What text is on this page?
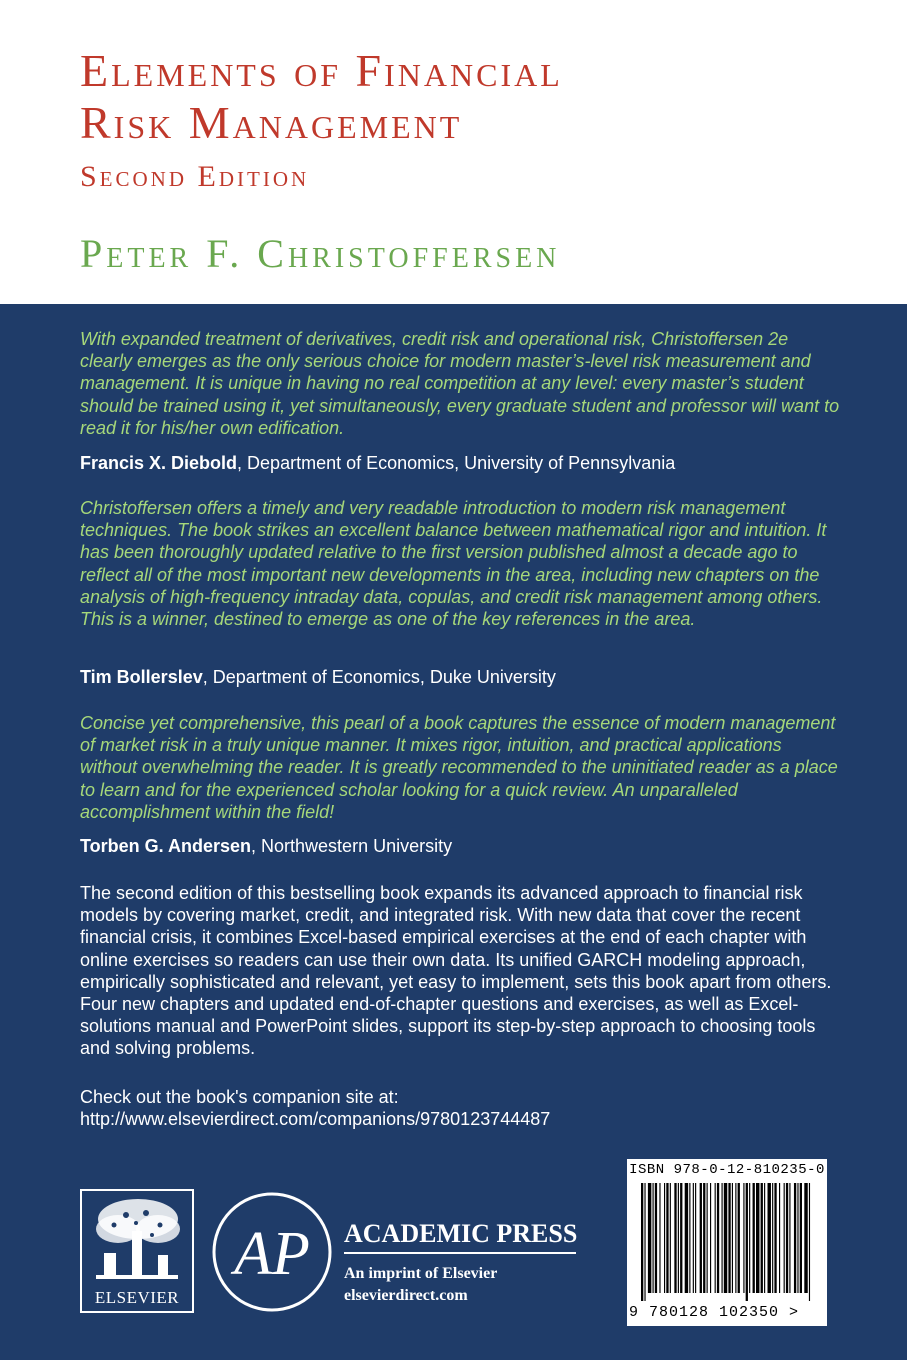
Elements of Financial
Risk Management
Second Edition
Peter F. Christoffersen
With expanded treatment of derivatives, credit risk and operational risk, Christoffersen 2e clearly emerges as the only serious choice for modern master’s-level risk measurement and management. It is unique in having no real competition at any level: every master’s student should be trained using it, yet simultaneously, every graduate student and professor will want to read it for his/her own edification.
Francis X. Diebold, Department of Economics, University of Pennsylvania
Christoffersen offers a timely and very readable introduction to modern risk management techniques. The book strikes an excellent balance between mathematical rigor and intuition. It has been thoroughly updated relative to the first version published almost a decade ago to reflect all of the most important new developments in the area, including new chapters on the analysis of high-frequency intraday data, copulas, and credit risk management among others. This is a winner, destined to emerge as one of the key references in the area.
Tim Bollerslev, Department of Economics, Duke University
Concise yet comprehensive, this pearl of a book captures the essence of modern management of market risk in a truly unique manner. It mixes rigor, intuition, and practical applications without overwhelming the reader. It is greatly recommended to the uninitiated reader as a place to learn and for the experienced scholar looking for a quick review. An unparalleled accomplishment within the field!
Torben G. Andersen, Northwestern University
The second edition of this bestselling book expands its advanced approach to financial risk models by covering market, credit, and integrated risk. With new data that cover the recent financial crisis, it combines Excel-based empirical exercises at the end of each chapter with online exercises so readers can use their own data. Its unified GARCH modeling approach, empirically sophisticated and relevant, yet easy to implement, sets this book apart from others. Four new chapters and updated end-of-chapter questions and exercises, as well as Excel-solutions manual and PowerPoint slides, support its step-by-step approach to choosing tools and solving problems.
Check out the book's companion site at:
http://www.elsevierdirect.com/companions/9780123744487
ELSEVIER
AP ACADEMIC PRESS
An imprint of Elsevier
elsevierdirect.com
ISBN 978-0-12-810235-0
9 780128 102350 >
